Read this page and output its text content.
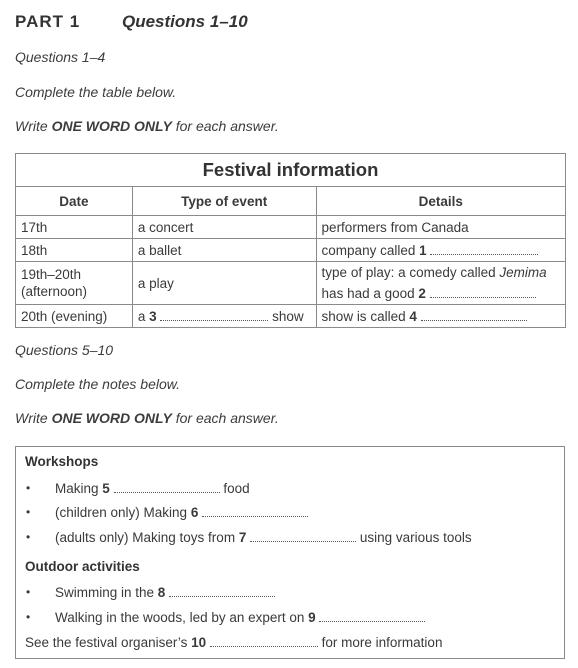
PART 1 Questions 1–10
Questions 1–4
Complete the table below.
Write ONE WORD ONLY for each answer.
Festival information		
Date	Type of event	Details
17th	a concert	performers from Canada
18th	a ballet	company called 1
19th–20th
(afternoon)	a play	type of play: a comedy called Jemima
has had a good 2
20th (evening)	a 3 show	show is called 4
Questions 5–10
Complete the notes below.
Write ONE WORD ONLY for each answer.
Workshops
• Making 5	food
• (children only) Making 6
• (adults only) Making toys from 7	using various tools
Outdoor activities
• Swimming in the 8
• Walking in the woods, led by an expert on 9
See the festival organiser’s 10	for more information
